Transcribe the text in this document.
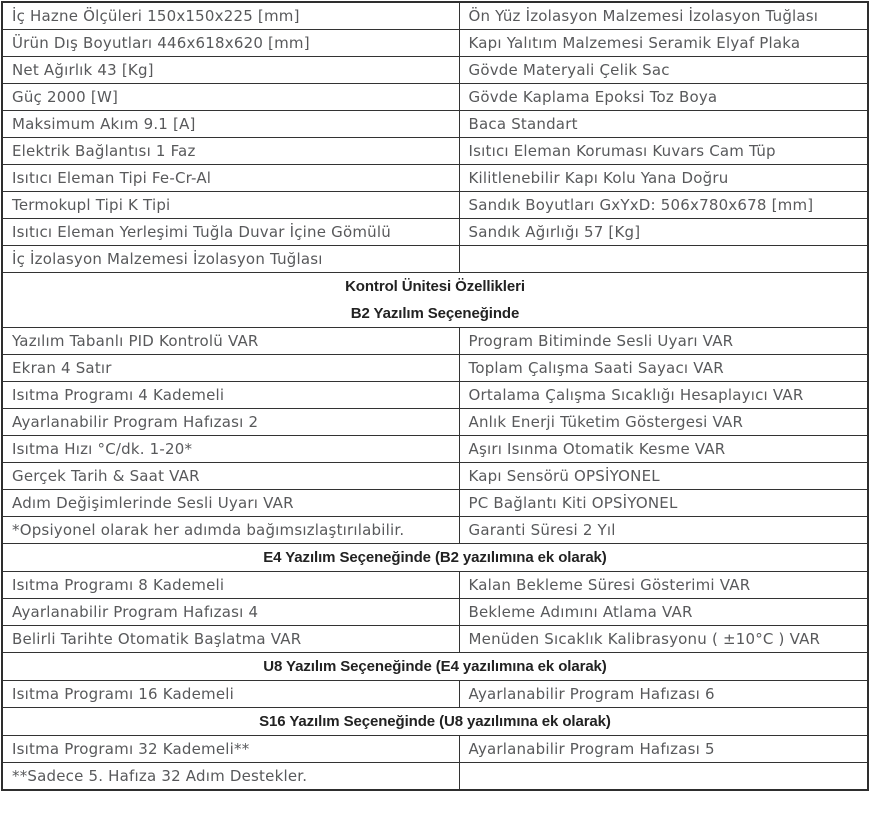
İç Hazne Ölçüleri 150x150x225 [mm]	Ön Yüz İzolasyon Malzemesi İzolasyon Tuğlası
Ürün Dış Boyutları 446x618x620 [mm]	Kapı Yalıtım Malzemesi Seramik Elyaf Plaka
Net Ağırlık 43 [Kg]	Gövde Materyali Çelik Sac
Güç 2000 [W]	Gövde Kaplama Epoksi Toz Boya
Maksimum Akım 9.1 [A]	Baca Standart
Elektrik Bağlantısı 1 Faz	Isıtıcı Eleman Koruması Kuvars Cam Tüp
Isıtıcı Eleman Tipi Fe-Cr-Al	Kilitlenebilir Kapı Kolu Yana Doğru
Termokupl Tipi K Tipi	Sandık Boyutları GxYxD: 506x780x678 [mm]
Isıtıcı Eleman Yerleşimi Tuğla Duvar İçine Gömülü	Sandık Ağırlığı 57 [Kg]
İç İzolasyon Malzemesi İzolasyon Tuğlası	

Kontrol Ünitesi Özellikleri
B2 Yazılım Seçeneğinde	

Yazılım Tabanlı PID Kontrolü VAR	Program Bitiminde Sesli Uyarı VAR
Ekran 4 Satır	Toplam Çalışma Saati Sayacı VAR
Isıtma Programı 4 Kademeli	Ortalama Çalışma Sıcaklığı Hesaplayıcı VAR
Ayarlanabilir Program Hafızası 2	Anlık Enerji Tüketim Göstergesi VAR
Isıtma Hızı °C/dk. 1-20*	Aşırı Isınma Otomatik Kesme VAR
Gerçek Tarih & Saat VAR	Kapı Sensörü OPSİYONEL
Adım Değişimlerinde Sesli Uyarı VAR	PC Bağlantı Kiti OPSİYONEL
*Opsiyonel olarak her adımda bağımsızlaştırılabilir.	Garanti Süresi 2 Yıl

E4 Yazılım Seçeneğinde (B2 yazılımına ek olarak)	

Isıtma Programı 8 Kademeli	Kalan Bekleme Süresi Gösterimi VAR
Ayarlanabilir Program Hafızası 4	Bekleme Adımını Atlama VAR
Belirli Tarihte Otomatik Başlatma VAR	Menüden Sıcaklık Kalibrasyonu ( ±10°C ) VAR

U8 Yazılım Seçeneğinde (E4 yazılımına ek olarak)	

Isıtma Programı 16 Kademeli	Ayarlanabilir Program Hafızası 6

S16 Yazılım Seçeneğinde (U8 yazılımına ek olarak)	

Isıtma Programı 32 Kademeli**	Ayarlanabilir Program Hafızası 5
**Sadece 5. Hafıza 32 Adım Destekler.	
